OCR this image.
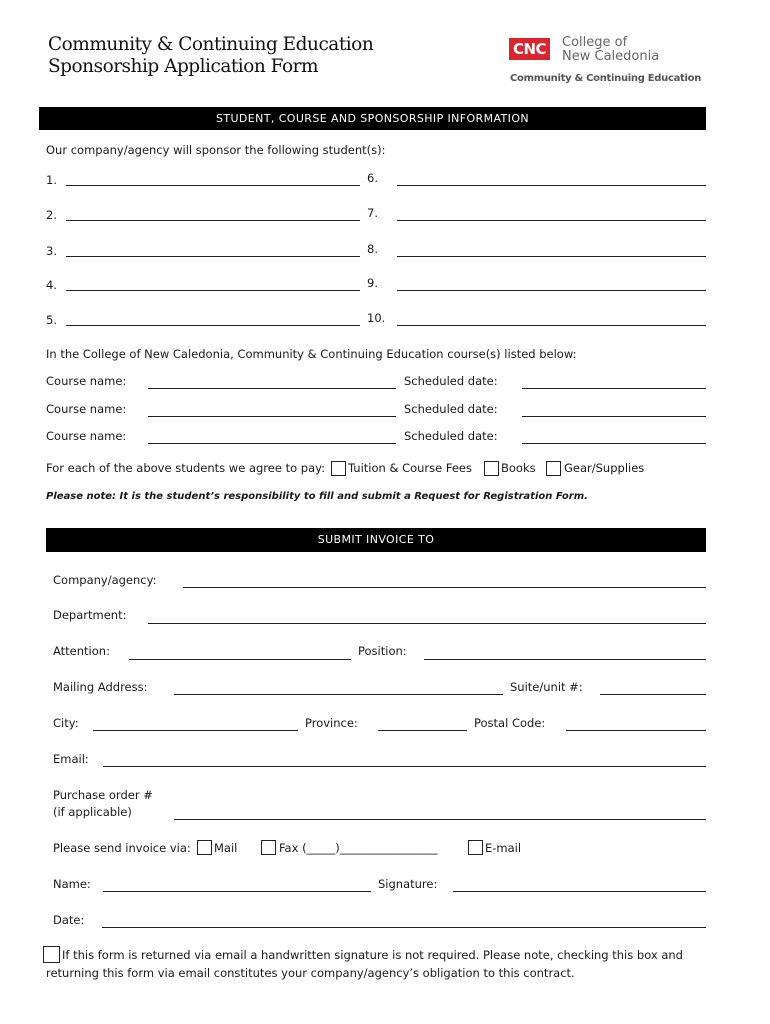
Community & Continuing Education
Sponsorship Application Form
CNC	College of
New Caledonia
Community & Continuing Education
STUDENT, COURSE AND SPONSORSHIP INFORMATION
Our company/agency will sponsor the following student(s):
1.	6.
2.	7.
3.	8.
4.	9.
5.	10.
In the College of New Caledonia, Community & Continuing Education course(s) listed below:
Course name:	Scheduled date:
Course name:	Scheduled date:
Course name:	Scheduled date:
For each of the above students we agree to pay: Tuition & Course Fees	Books Gear/Supplies
Please note: It is the student’s responsibility to fill and submit a Request for Registration Form.
SUBMIT INVOICE TO
Company/agency:
Department:
Attention:	Position:
Mailing Address:	Suite/unit #:
City:	Province:	Postal Code:
Email:
Purchase order #
(if applicable)
Please send invoice via: Mail	Fax (_____)_________________	E-mail
Name:	Signature:
Date:
If this form is returned via email a handwritten signature is not required. Please note, checking this box and
returning this form via email constitutes your company/agency’s obligation to this contract.
